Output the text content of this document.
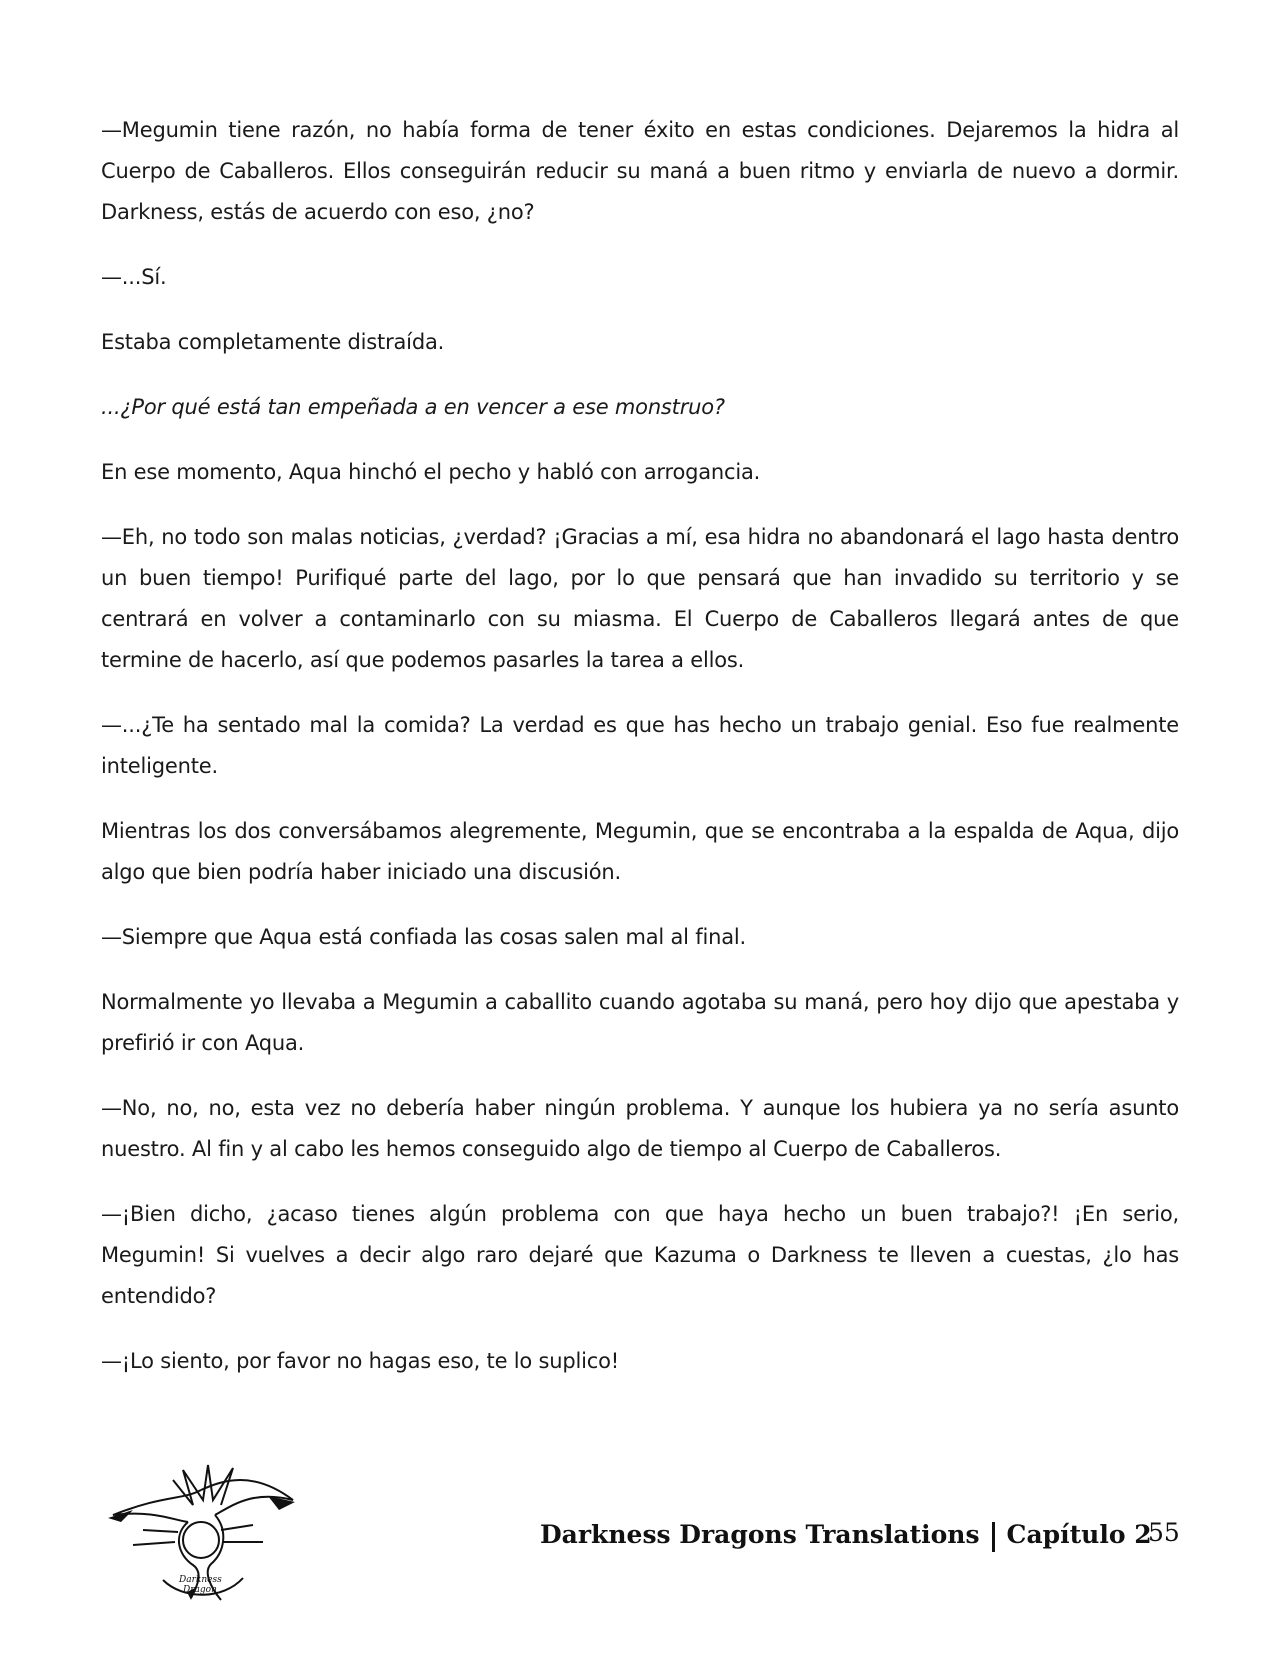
—Megumin tiene razón, no había forma de tener éxito en estas condiciones. Dejaremos la hidra al Cuerpo de Caballeros. Ellos conseguirán reducir su maná a buen ritmo y enviarla de nuevo a dormir. Darkness, estás de acuerdo con eso, ¿no?

—...Sí.

Estaba completamente distraída.

...¿Por qué está tan empeñada a en vencer a ese monstruo?

En ese momento, Aqua hinchó el pecho y habló con arrogancia.

—Eh, no todo son malas noticias, ¿verdad? ¡Gracias a mí, esa hidra no abandonará el lago hasta dentro un buen tiempo! Purifiqué parte del lago, por lo que pensará que han invadido su territorio y se centrará en volver a contaminarlo con su miasma. El Cuerpo de Caballeros llegará antes de que termine de hacerlo, así que podemos pasarles la tarea a ellos.

—...¿Te ha sentado mal la comida? La verdad es que has hecho un trabajo genial. Eso fue realmente inteligente.

Mientras los dos conversábamos alegremente, Megumin, que se encontraba a la espalda de Aqua, dijo algo que bien podría haber iniciado una discusión.

—Siempre que Aqua está confiada las cosas salen mal al final.

Normalmente yo llevaba a Megumin a caballito cuando agotaba su maná, pero hoy dijo que apestaba y prefirió ir con Aqua.

—No, no, no, esta vez no debería haber ningún problema. Y aunque los hubiera ya no sería asunto nuestro. Al fin y al cabo les hemos conseguido algo de tiempo al Cuerpo de Caballeros.

—¡Bien dicho, ¿acaso tienes algún problema con que haya hecho un buen trabajo?! ¡En serio, Megumin! Si vuelves a decir algo raro dejaré que Kazuma o Darkness te lleven a cuestas, ¿lo has entendido?

—¡Lo siento, por favor no hagas eso, te lo suplico!

Darkness
Dragon
Darkness Dragons Translations Capítulo 2
55
